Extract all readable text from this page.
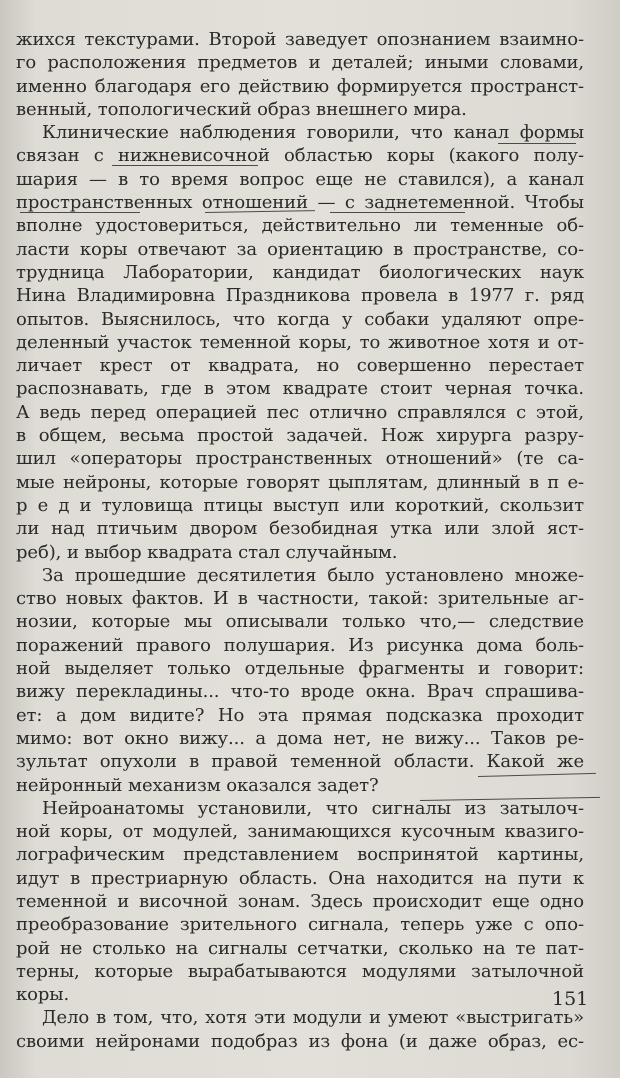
жихся текстурами. Второй заведует опознанием взаимно-
го расположения предметов и деталей; иными словами,
именно благодаря его действию формируется пространст-
венный, топологический образ внешнего мира.
Клинические наблюдения говорили, что канал формы
связан с нижневисочной областью коры (какого полу-
шария — в то время вопрос еще не ставился), а канал
пространственных отношений — с заднетеменной. Чтобы
вполне удостовериться, действительно ли теменные об-
ласти коры отвечают за ориентацию в пространстве, со-
трудница Лаборатории, кандидат биологических наук
Нина Владимировна Праздникова провела в 1977 г. ряд
опытов. Выяснилось, что когда у собаки удаляют опре-
деленный участок теменной коры, то животное хотя и от-
личает крест от квадрата, но совершенно перестает
распознавать, где в этом квадрате стоит черная точка.
А ведь перед операцией пес отлично справлялся с этой,
в общем, весьма простой задачей. Нож хирурга разру-
шил «операторы пространственных отношений» (те са-
мые нейроны, которые говорят цыплятам, длинный в п е-
р е д и туловища птицы выступ или короткий, скользит
ли над птичьим двором безобидная утка или злой яст-
реб), и выбор квадрата стал случайным.
За прошедшие десятилетия было установлено множе-
ство новых фактов. И в частности, такой: зрительные аг-
нозии, которые мы описывали только что,— следствие
поражений правого полушария. Из рисунка дома боль-
ной выделяет только отдельные фрагменты и говорит:
вижу перекладины... что-то вроде окна. Врач спрашива-
ет: а дом видите? Но эта прямая подсказка проходит
мимо: вот окно вижу... а дома нет, не вижу... Таков ре-
зультат опухоли в правой теменной области. Какой же
нейронный механизм оказался задет?
Нейроанатомы установили, что сигналы из затылоч-
ной коры, от модулей, занимающихся кусочным квазиго-
лографическим представлением воспринятой картины,
идут в престриарную область. Она находится на пути к
теменной и височной зонам. Здесь происходит еще одно
преобразование зрительного сигнала, теперь уже с опо-
рой не столько на сигналы сетчатки, сколько на те пат-
терны, которые вырабатываются модулями затылочной
коры.
Дело в том, что, хотя эти модули и умеют «выстригать»
своими нейронами подобраз из фона (и даже образ, ес-
151
